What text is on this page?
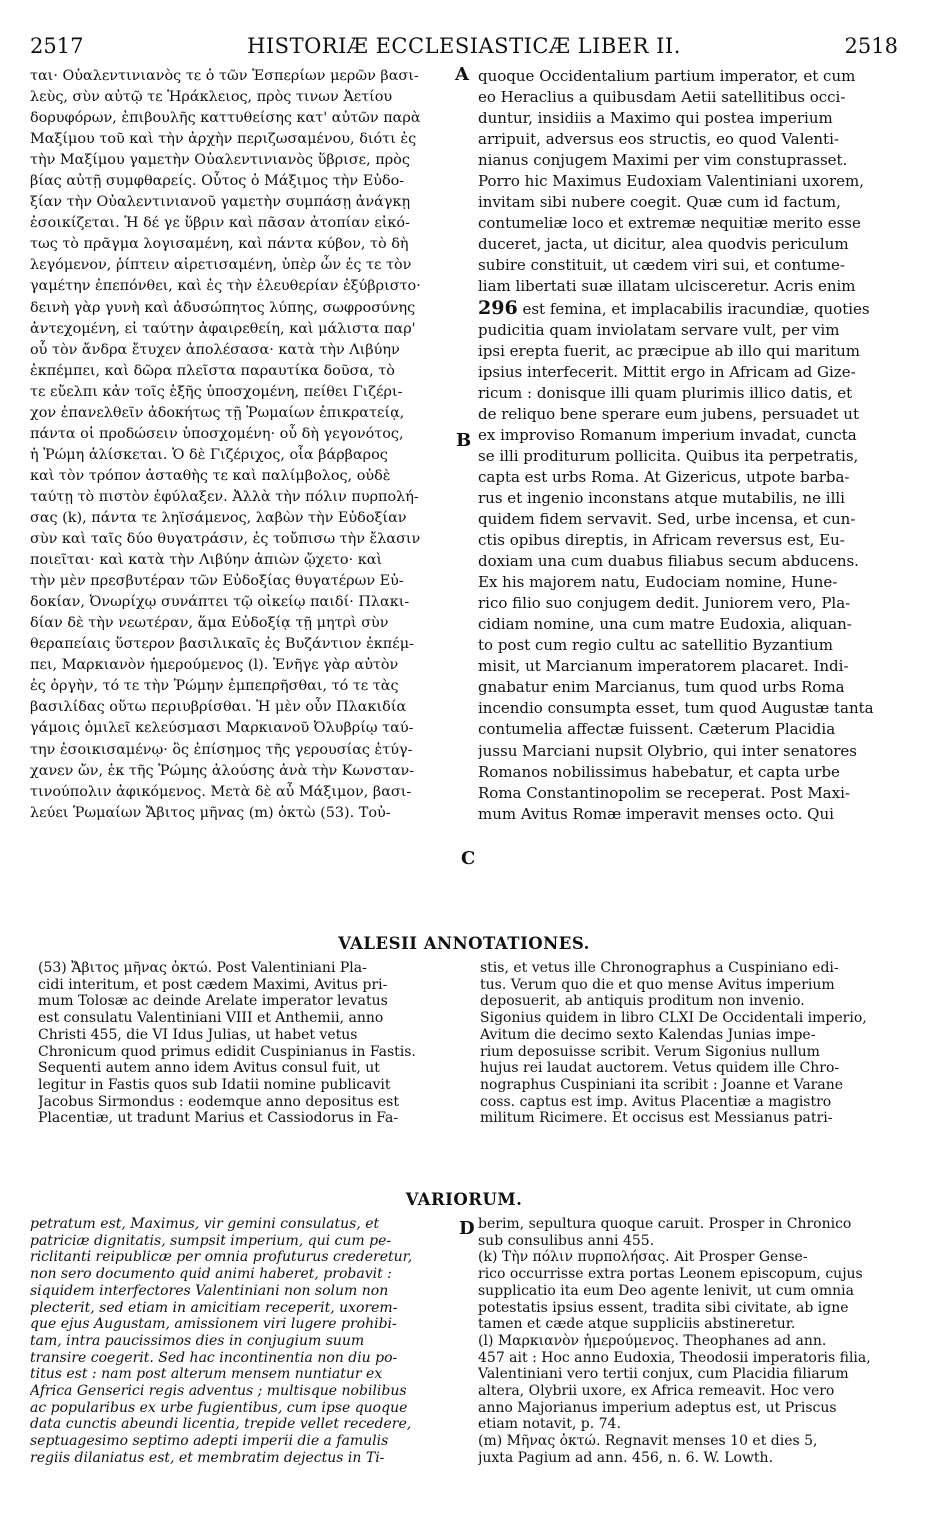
2517	HISTORIÆ ECCLESIASTICÆ LIBER II.	2518

ται· Οὐαλεντινιανὸς τε ὁ τῶν Ἑσπερίων μερῶν βασι-

λεὺς, σὺν αὐτῷ τε Ἡράκλειος, πρὸς τινων Ἀετίου

δορυφόρων, ἐπιβουλῆς καττυθείσης κατ' αὐτῶν παρὰ

Μαξίμου τοῦ καὶ τὴν ἀρχὴν περιζωσαμένου, διότι ἐς

τὴν Μαξίμου γαμετὴν Οὐαλεντινιανὸς ὕβρισε, πρὸς

βίας αὐτῇ συμφθαρείς. Οὗτος ὁ Μάξιμος τὴν Εὐδο-

ξίαν τὴν Οὐαλεντινιανοῦ γαμετὴν συμπάσῃ ἀνάγκῃ

ἐσοικίζεται. Ἡ δέ γε ὕβριν καὶ πᾶσαν ἀτοπίαν εἰκό-

τως τὸ πρᾶγμα λογισαμένη, καὶ πάντα κύβον, τὸ δὴ

λεγόμενον, ῥίπτειν αἱρετισαμένη, ὑπὲρ ὧν ἐς τε τὸν

γαμέτην ἐπεπόνθει, καὶ ἐς τὴν ἐλευθερίαν ἐξύβριστο·

δεινὴ γὰρ γυνὴ καὶ ἀδυσώπητος λύπης, σωφροσύνης

ἀντεχομένη, εἰ ταύτην ἀφαιρεθείη, καὶ μάλιστα παρ'

οὗ τὸν ἄνδρα ἔτυχεν ἀπολέσασα· κατὰ τὴν Λιβύην

ἐκπέμπει, καὶ δῶρα πλεῖστα παραυτίκα δοῦσα, τὸ

τε εὔελπι κἀν τοῖς ἑξῆς ὑποσχομένη, πείθει Γιζέρι-

χον ἐπανελθεῖν ἀδοκήτως τῇ Ῥωμαίων ἐπικρατείᾳ,

πάντα οἱ προδώσειν ὑποσχομένη· οὗ δὴ γεγονότος,

ἡ Ῥώμη ἁλίσκεται. Ὁ δὲ Γιζέριχος, οἷα βάρβαρος

καὶ τὸν τρόπον ἀσταθὴς τε καὶ παλίμβολος, οὐδὲ

ταύτῃ τὸ πιστὸν ἐφύλαξεν. Ἀλλὰ τὴν πόλιν πυρπολή-

σας (k), πάντα τε ληϊσάμενος, λαβὼν τὴν Εὐδοξίαν

σὺν καὶ ταῖς δύο θυγατράσιν, ἐς τοὔπισω τὴν ἔλασιν

ποιεῖται· καὶ κατὰ τὴν Λιβύην ἀπιὼν ᾤχετο· καὶ

τὴν μὲν πρεσβυτέραν τῶν Εὐδοξίας θυγατέρων Εὐ-

δοκίαν, Ὀνωρίχῳ συνάπτει τῷ οἰκείῳ παιδί· Πλακι-

δίαν δὲ τὴν νεωτέραν, ἅμα Εὐδοξίᾳ τῇ μητρὶ σὺν

θεραπείαις ὕστερον βασιλικαῖς ἐς Βυζάντιον ἐκπέμ-

πει, Μαρκιανὸν ἡμερούμενος (l). Ἐνῆγε γὰρ αὐτὸν

ἐς ὀργὴν, τό τε τὴν Ῥώμην ἐμπεπρῆσθαι, τό τε τὰς

βασιλίδας οὕτω περιυβρίσθαι. Ἡ μὲν οὖν Πλακιδία

γάμοις ὁμιλεῖ κελεύσμασι Μαρκιανοῦ Ὀλυβρίῳ ταύ-

την ἐσοικισαμένῳ· ὃς ἐπίσημος τῆς γερουσίας ἐτύγ-

χανεν ὤν, ἐκ τῆς Ῥώμης ἁλούσης ἀνὰ τὴν Κωνσταν-

τινούπολιν ἀφικόμενος. Μετὰ δὲ αὖ Μάξιμον, βασι-

λεύει Ῥωμαίων Ἄβιτος μῆνας (m) ὀκτὼ (53). Τοὐ-

quoque Occidentalium partium imperator, et cum

eo Heraclius a quibusdam Aetii satellitibus occi-

duntur, insidiis a Maximo qui postea imperium

arripuit, adversus eos structis, eo quod Valenti-

nianus conjugem Maximi per vim constuprasset.

Porro hic Maximus Eudoxiam Valentiniani uxorem,

invitam sibi nubere coegit. Quæ cum id factum,

contumeliæ loco et extremæ nequitiæ merito esse

duceret, jacta, ut dicitur, alea quodvis periculum

subire constituit, ut cædem viri sui, et contume-

liam libertati suæ illatam ulcisceretur. Acris enim

296 est femina, et implacabilis iracundiæ, quoties

pudicitia quam inviolatam servare vult, per vim

ipsi erepta fuerit, ac præcipue ab illo qui maritum

ipsius interfecerit. Mittit ergo in Africam ad Gize-

ricum : donisque illi quam plurimis illico datis, et

de reliquo bene sperare eum jubens, persuadet ut

ex improviso Romanum imperium invadat, cuncta

se illi proditurum pollicita. Quibus ita perpetratis,

capta est urbs Roma. At Gizericus, utpote barba-

rus et ingenio inconstans atque mutabilis, ne illi

quidem fidem servavit. Sed, urbe incensa, et cun-

ctis opibus direptis, in Africam reversus est, Eu-

doxiam una cum duabus filiabus secum abducens.

Ex his majorem natu, Eudociam nomine, Hune-

rico filio suo conjugem dedit. Juniorem vero, Pla-

cidiam nomine, una cum matre Eudoxia, aliquan-

to post cum regio cultu ac satellitio Byzantium

misit, ut Marcianum imperatorem placaret. Indi-

gnabatur enim Marcianus, tum quod urbs Roma

incendio consumpta esset, tum quod Augustæ tanta

contumelia affectæ fuissent. Cæterum Placidia

jussu Marciani nupsit Olybrio, qui inter senatores

Romanos nobilissimus habebatur, et capta urbe

Roma Constantinopolim se receperat. Post Maxi-

mum Avitus Romæ imperavit menses octo. Qui

A
B
C
D
VALESII ANNOTATIONES.

(53) Ἄβιτος μῆνας ὀκτώ. Post Valentiniani Pla-

cidi interitum, et post cædem Maximi, Avitus pri-

mum Tolosæ ac deinde Arelate imperator levatus

est consulatu Valentiniani VIII et Anthemii, anno

Christi 455, die VI Idus Julias, ut habet vetus

Chronicum quod primus edidit Cuspinianus in Fastis.

Sequenti autem anno idem Avitus consul fuit, ut

legitur in Fastis quos sub Idatii nomine publicavit

Jacobus Sirmondus : eodemque anno depositus est

Placentiæ, ut tradunt Marius et Cassiodorus in Fa-

stis, et vetus ille Chronographus a Cuspiniano edi-

tus. Verum quo die et quo mense Avitus imperium

deposuerit, ab antiquis proditum non invenio.

Sigonius quidem in libro CLXI De Occidentali imperio,

Avitum die decimo sexto Kalendas Junias impe-

rium deposuisse scribit. Verum Sigonius nullum

hujus rei laudat auctorem. Vetus quidem ille Chro-

nographus Cuspiniani ita scribit : Joanne et Varane

coss. captus est imp. Avitus Placentiæ a magistro

militum Ricimere. Et occisus est Messianus patri-

VARIORUM.

petratum est, Maximus, vir gemini consulatus, et

patriciæ dignitatis, sumpsit imperium, qui cum pe-

riclitanti reipublicæ per omnia profuturus crederetur,

non sero documento quid animi haberet, probavit :

siquidem interfectores Valentiniani non solum non

plecterit, sed etiam in amicitiam receperit, uxorem-

que ejus Augustam, amissionem viri lugere prohibi-

tam, intra paucissimos dies in conjugium suum

transire coegerit. Sed hac incontinentia non diu po-

titus est : nam post alterum mensem nuntiatur ex

Africa Genserici regis adventus ; multisque nobilibus

ac popularibus ex urbe fugientibus, cum ipse quoque

data cunctis abeundi licentia, trepide vellet recedere,

septuagesimo septimo adepti imperii die a famulis

regiis dilaniatus est, et membratim dejectus in Ti-

berim, sepultura quoque caruit. Prosper in Chronico

sub consulibus anni 455.

(k) Τὴν πόλιν πυρπολήσας. Ait Prosper Gense-

ricο occurrisse extra portas Leonem episcopum, cujus

supplicatio ita eum Deo agente lenivit, ut cum omnia

potestatis ipsius essent, tradita sibi civitate, ab igne

tamen et cæde atque suppliciis abstineretur.

(l) Μαρκιανὸν ἡμερούμενος. Theophanes ad ann.

457 ait : Hoc anno Eudoxia, Theodosii imperatoris filia,

Valentiniani vero tertii conjux, cum Placidia filiarum

altera, Olybrii uxore, ex Africa remeavit. Hoc vero

anno Majorianus imperium adeptus est, ut Priscus

etiam notavit, p. 74.

(m) Μῆνας ὀκτώ. Regnavit menses 10 et dies 5,

juxta Pagium ad ann. 456, n. 6. W. Lowth.
